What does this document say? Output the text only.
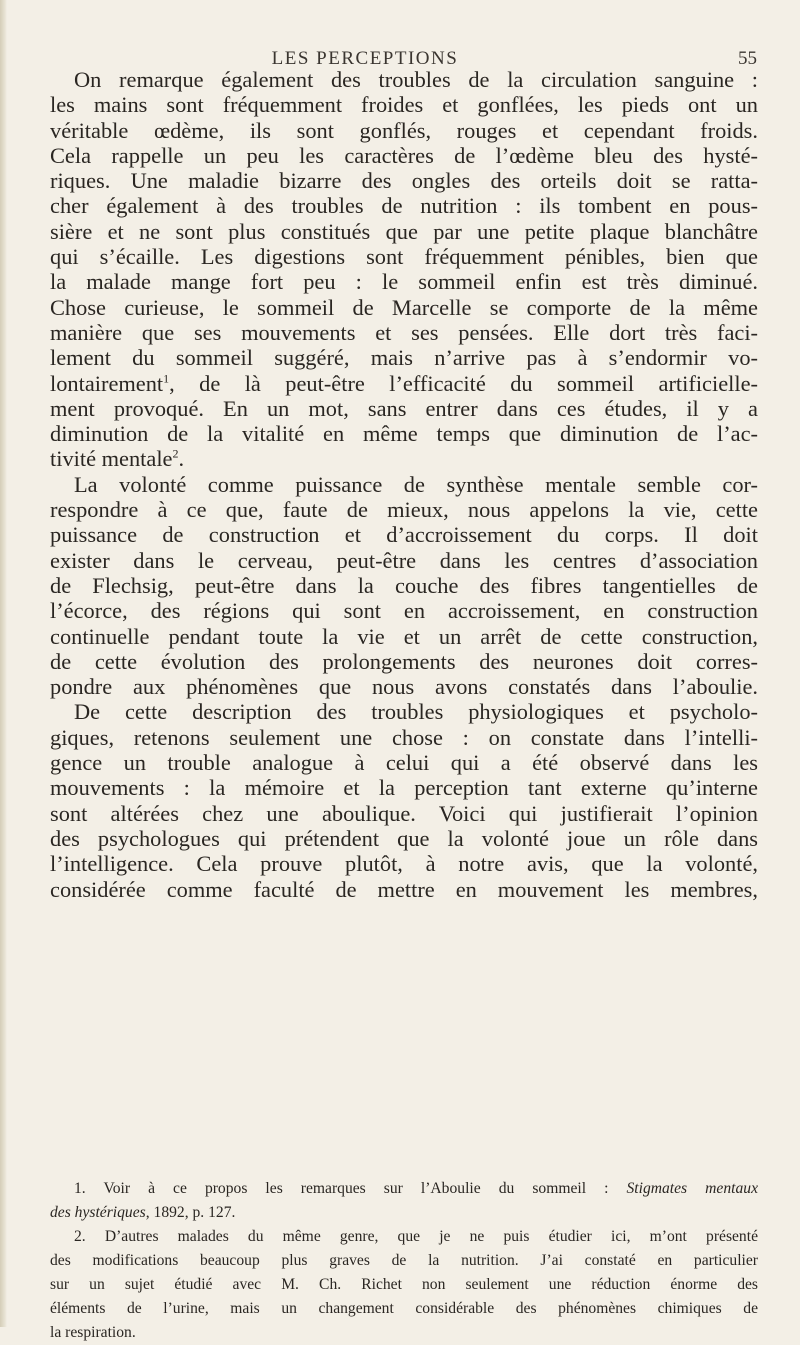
LES PERCEPTIONS	55
On remarque également des troubles de la circulation sanguine :
les mains sont fréquemment froides et gonflées, les pieds ont un
véritable œdème, ils sont gonflés, rouges et cependant froids.
Cela rappelle un peu les caractères de l’œdème bleu des hysté-
riques. Une maladie bizarre des ongles des orteils doit se ratta-
cher également à des troubles de nutrition : ils tombent en pous-
sière et ne sont plus constitués que par une petite plaque blanchâtre
qui s’écaille. Les digestions sont fréquemment pénibles, bien que
la malade mange fort peu : le sommeil enfin est très diminué.
Chose curieuse, le sommeil de Marcelle se comporte de la même
manière que ses mouvements et ses pensées. Elle dort très faci-
lement du sommeil suggéré, mais n’arrive pas à s’endormir vo-
lontairement$^1$, de là peut-être l’efficacité du sommeil artificielle-
ment provoqué. En un mot, sans entrer dans ces études, il y a
diminution de la vitalité en même temps que diminution de l’ac-
tivité mentale$^2$.
La volonté comme puissance de synthèse mentale semble cor-
respondre à ce que, faute de mieux, nous appelons la vie, cette
puissance de construction et d’accroissement du corps. Il doit
exister dans le cerveau, peut-être dans les centres d’association
de Flechsig, peut-être dans la couche des fibres tangentielles de
l’écorce, des régions qui sont en accroissement, en construction
continuelle pendant toute la vie et un arrêt de cette construction,
de cette évolution des prolongements des neurones doit corres-
pondre aux phénomènes que nous avons constatés dans l’aboulie.
De cette description des troubles physiologiques et psycholo-
giques, retenons seulement une chose : on constate dans l’intelli-
gence un trouble analogue à celui qui a été observé dans les
mouvements : la mémoire et la perception tant externe qu’interne
sont altérées chez une aboulique. Voici qui justifierait l’opinion
des psychologues qui prétendent que la volonté joue un rôle dans
l’intelligence. Cela prouve plutôt, à notre avis, que la volonté,
considérée comme faculté de mettre en mouvement les membres,
1. Voir à ce propos les remarques sur l’Aboulie du sommeil : Stigmates mentaux
des hystériques, 1892, p. 127.
2. D’autres malades du même genre, que je ne puis étudier ici, m’ont présenté
des modifications beaucoup plus graves de la nutrition. J’ai constaté en particulier
sur un sujet étudié avec M. Ch. Richet non seulement une réduction énorme des
éléments de l’urine, mais un changement considérable des phénomènes chimiques de
la respiration.
